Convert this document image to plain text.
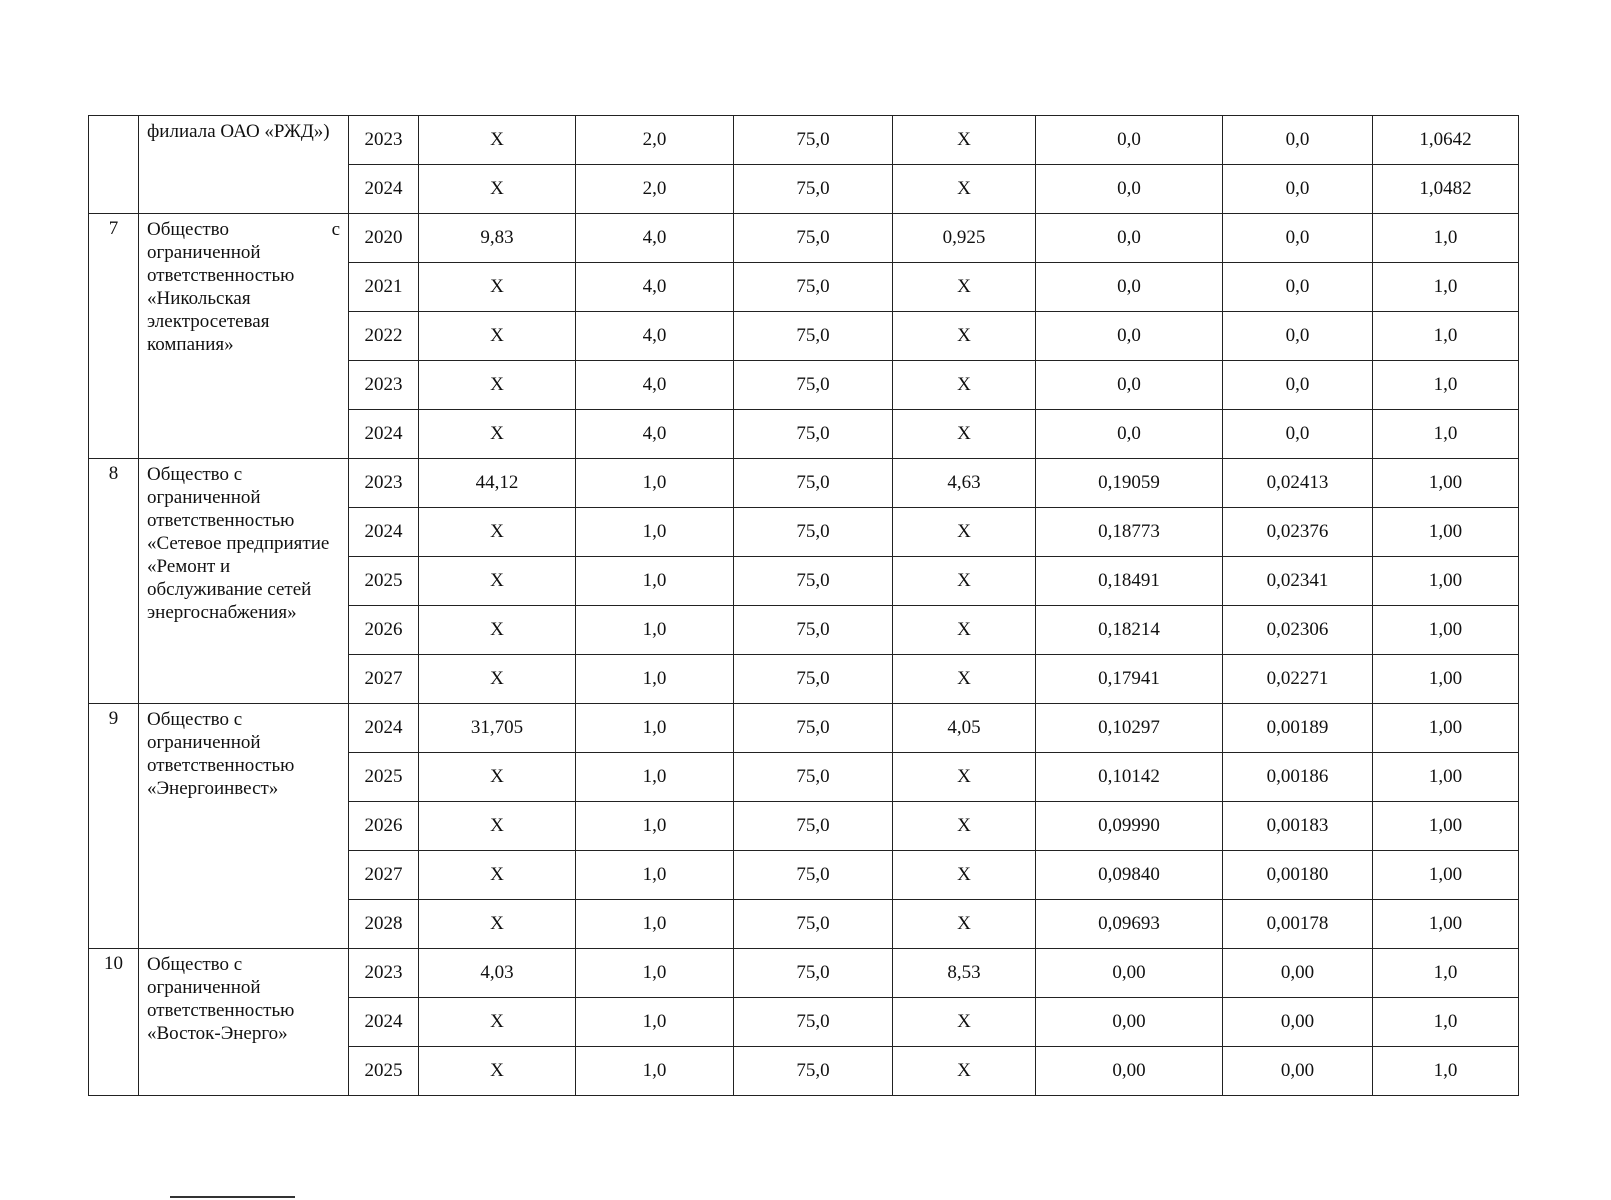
	филиала ОАО «РЖД»)	2023	Х	2,0	75,0	Х	0,0	0,0	1,0642
		2024	Х	2,0	75,0	Х	0,0	0,0	1,0482
7	Общество с ограниченной ответственностью «Никольская электросетевая компания»	2020	9,83	4,0	75,0	0,925	0,0	0,0	1,0
		2021	Х	4,0	75,0	Х	0,0	0,0	1,0
		2022	Х	4,0	75,0	Х	0,0	0,0	1,0
		2023	Х	4,0	75,0	Х	0,0	0,0	1,0
		2024	Х	4,0	75,0	Х	0,0	0,0	1,0
8	Общество с ограниченной ответственностью «Сетевое предприятие «Ремонт и обслуживание сетей энергоснабжения»	2023	44,12	1,0	75,0	4,63	0,19059	0,02413	1,00
		2024	Х	1,0	75,0	Х	0,18773	0,02376	1,00
		2025	Х	1,0	75,0	Х	0,18491	0,02341	1,00
		2026	Х	1,0	75,0	Х	0,18214	0,02306	1,00
		2027	Х	1,0	75,0	Х	0,17941	0,02271	1,00
9	Общество с ограниченной ответственностью «Энергоинвест»	2024	31,705	1,0	75,0	4,05	0,10297	0,00189	1,00
		2025	Х	1,0	75,0	Х	0,10142	0,00186	1,00
		2026	Х	1,0	75,0	Х	0,09990	0,00183	1,00
		2027	Х	1,0	75,0	Х	0,09840	0,00180	1,00
		2028	Х	1,0	75,0	Х	0,09693	0,00178	1,00
10	Общество с ограниченной ответственностью «Восток-Энерго»	2023	4,03	1,0	75,0	8,53	0,00	0,00	1,0
		2024	Х	1,0	75,0	Х	0,00	0,00	1,0
		2025	Х	1,0	75,0	Х	0,00	0,00	1,0
